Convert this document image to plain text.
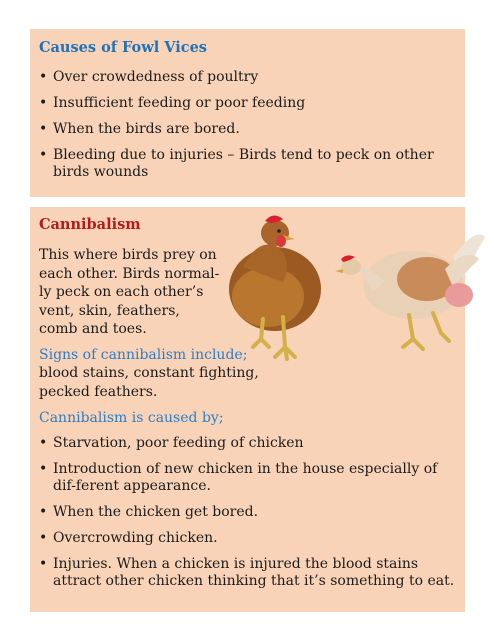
Causes of Fowl Vices
• Over crowdedness of poultry
• Insufficient feeding or poor feeding
• When the birds are bored.
• Bleeding due to injuries – Birds tend to peck on other birds wounds
Cannibalism

This where birds prey on
each other. Birds normal-
ly peck on each other’s
vent, skin, feathers,
comb and toes.

Signs of cannibalism include;

blood stains, constant fighting,
pecked feathers.

Cannibalism is caused by;

• Starvation, poor feeding of chicken
• Introduction of new chicken in the house especially of dif-ferent appearance.
• When the chicken get bored.
• Overcrowding chicken.
• Injuries. When a chicken is injured the blood stains attract other chicken thinking that it’s something to eat.
